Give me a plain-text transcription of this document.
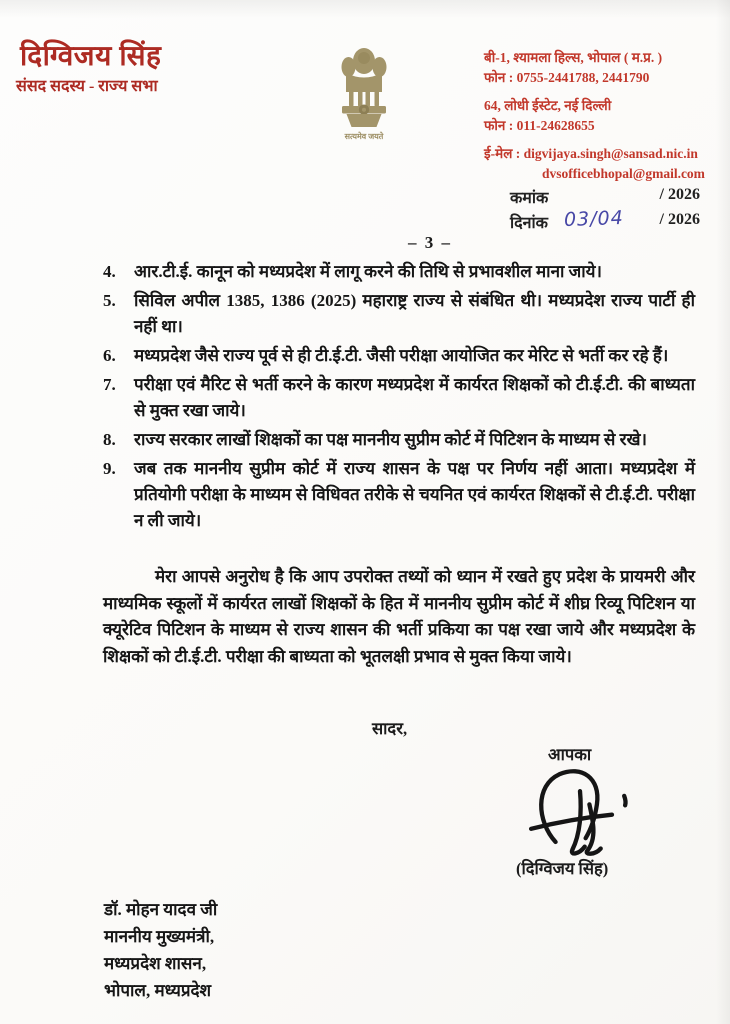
दिग्विजय सिंह
संसद सदस्य - राज्य सभा
सत्यमेव जयते
बी-1, श्यामला हिल्स, भोपाल ( म.प्र. )
फोन : 0755-2441788, 2441790
64, लोधी ईस्टेट, नई दिल्ली
फोन : 011-24628655
ई-मेल : digvijaya.singh@sansad.nic.in
dvsofficebhopal@gmail.com
कमांक	/ 2026
दिनांक 03/04 / 2026
– 3 –
4.	आर.टी.ई. कानून को मध्यप्रदेश में लागू करने की तिथि से प्रभावशील माना जाये।
5.	सिविल अपील 1385, 1386 (2025) महाराष्ट्र राज्य से संबंधित थी। मध्यप्रदेश राज्य पार्टी ही नहीं था।
6.	मध्यप्रदेश जैसे राज्य पूर्व से ही टी.ई.टी. जैसी परीक्षा आयोजित कर मेरिट से भर्ती कर रहे हैं।
7.	परीक्षा एवं मैरिट से भर्ती करने के कारण मध्यप्रदेश में कार्यरत शिक्षकों को टी.ई.टी. की बाध्यता से मुक्त रखा जाये।
8.	राज्य सरकार लाखों शिक्षकों का पक्ष माननीय सुप्रीम कोर्ट में पिटिशन के माध्यम से रखे।
9.	जब तक माननीय सुप्रीम कोर्ट में राज्य शासन के पक्ष पर निर्णय नहीं आता। मध्यप्रदेश में प्रतियोगी परीक्षा के माध्यम से विधिवत तरीके से चयनित एवं कार्यरत शिक्षकों से टी.ई.टी. परीक्षा न ली जाये।
मेरा आपसे अनुरोध है कि आप उपरोक्त तथ्यों को ध्यान में रखते हुए प्रदेश के प्रायमरी और माध्यमिक स्कूलों में कार्यरत लाखों शिक्षकों के हित में माननीय सुप्रीम कोर्ट में शीघ्र रिव्यू पिटिशन या क्यूरेटिव पिटिशन के माध्यम से राज्य शासन की भर्ती प्रकिया का पक्ष रखा जाये और मध्यप्रदेश के शिक्षकों को टी.ई.टी. परीक्षा की बाध्यता को भूतलक्षी प्रभाव से मुक्त किया जाये।
सादर,
आपका
(दिग्विजय सिंह)
डॉ. मोहन यादव जी
माननीय मुख्यमंत्री,
मध्यप्रदेश शासन,
भोपाल, मध्यप्रदेश
